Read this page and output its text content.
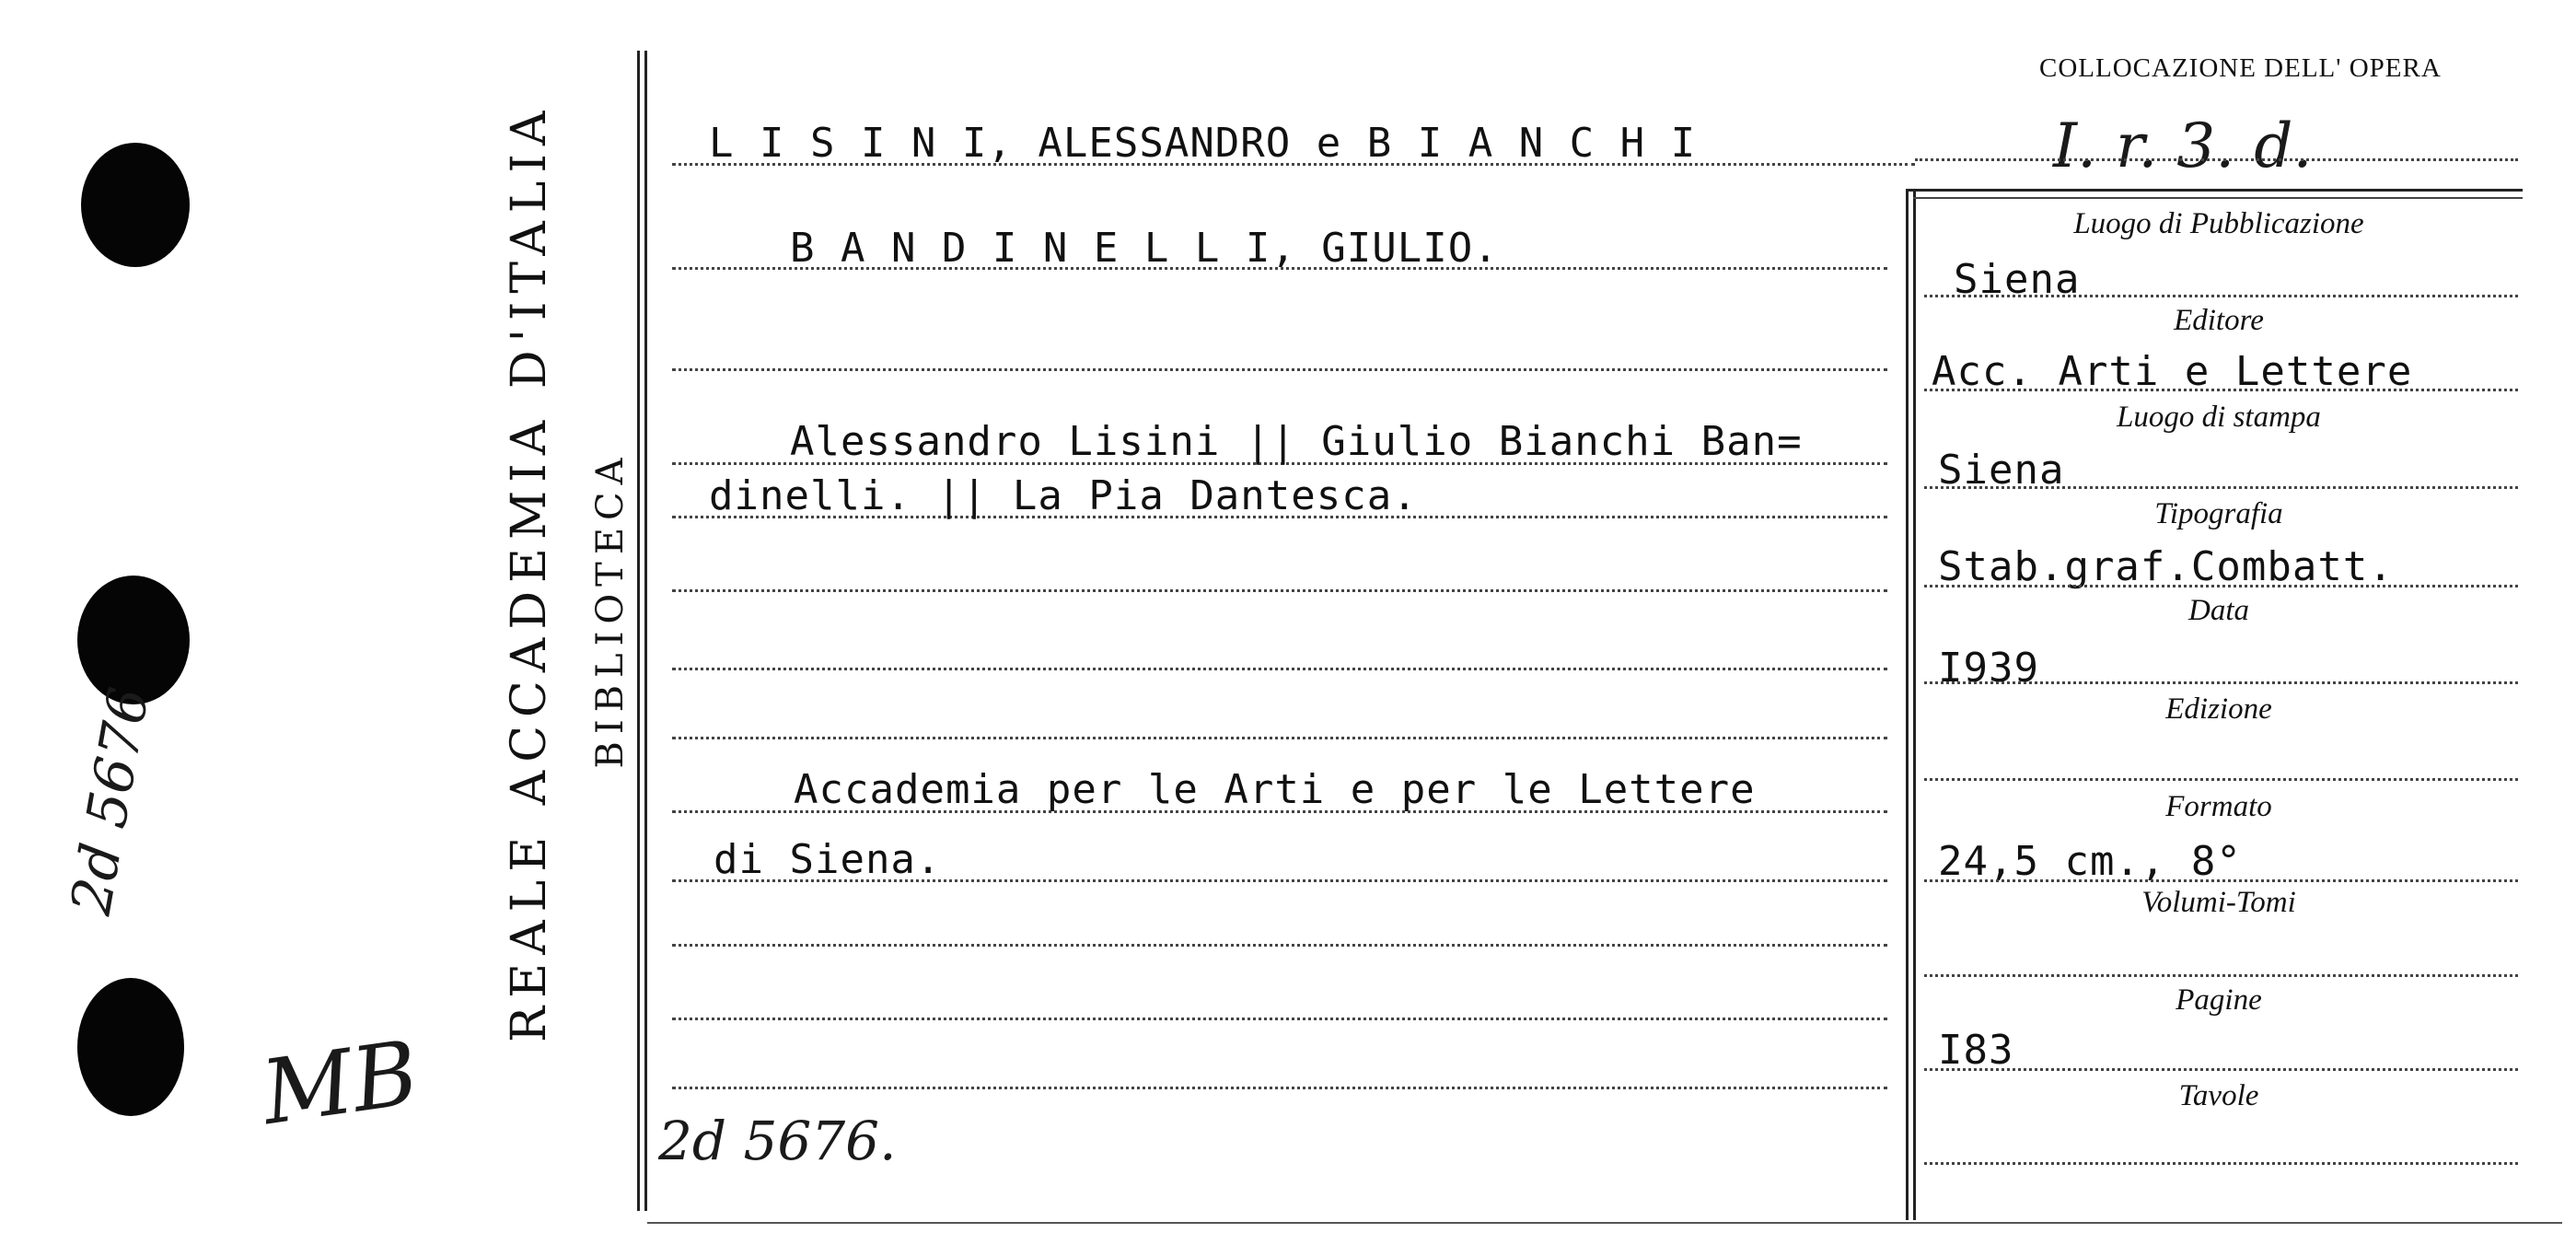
2d 5676
MB
REALE ACCADEMIA D'ITALIA BIBLIOTECA
COLLOCAZIONE DELL' OPERA
I. r. 3. d.
L I S I N I, ALESSANDRO e B I A N C H I
B A N D I N E L L I, GIULIO.
Alessandro Lisini || Giulio Bianchi Ban=
dinelli. || La Pia Dantesca.
Accademia per le Arti e per le Lettere
di Siena.
2d 5676.
Luogo di Pubblicazione
Siena
Editore
Acc. Arti e Lettere
Luogo di stampa
Siena
Tipografia
Stab.graf.Combatt.
Data
I939
Edizione
Formato
24,5 cm., 8°
Volumi-Tomi
Pagine
I83
Tavole
